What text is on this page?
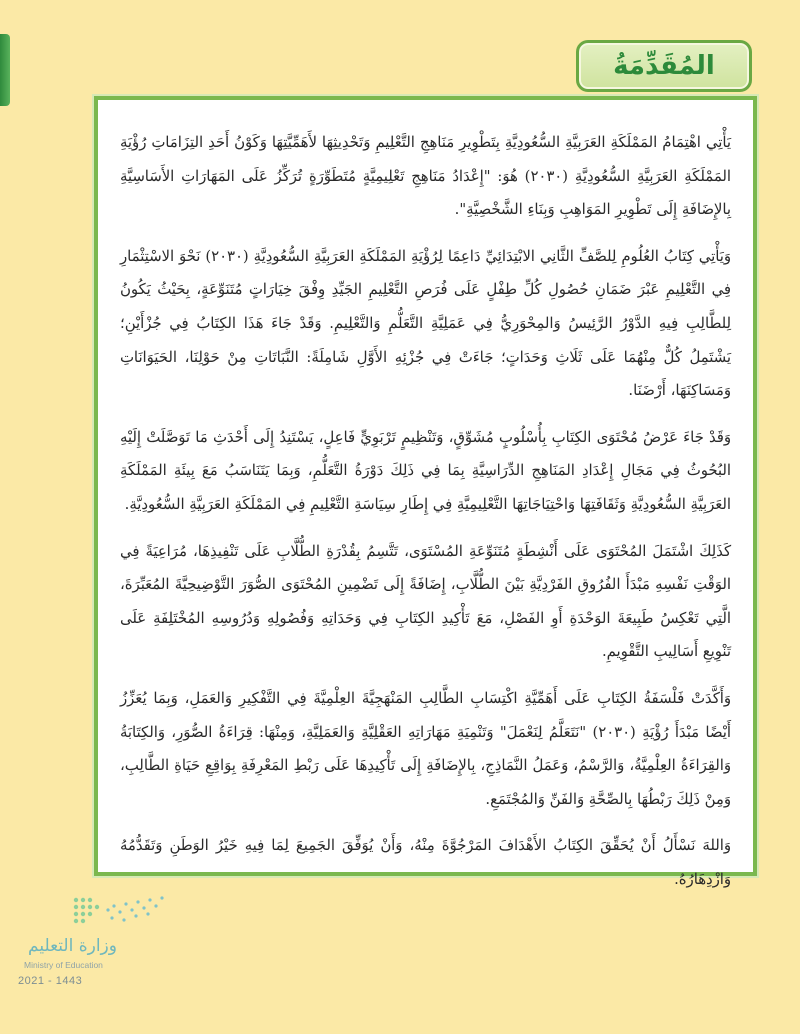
المُقَدِّمَةُ

يَأْتِي اهْتِمَامُ المَمْلَكَةِ العَرَبِيَّةِ السُّعُودِيَّةِ بِتَطْوِيرِ مَنَاهِجِ التَّعْلِيمِ وَتَحْدِيثِهَا لأَهَمِّيَّتِهَا وَكَوْنُ أَحَدِ التِزَامَاتِ رُؤْيَةِ المَمْلَكَةِ العَرَبِيَّةِ السُّعُودِيَّةِ (٢٠٣٠) هُوَ: "إِعْدَادُ مَنَاهِجِ تَعْلِيمِيَّةٍ مُتَطَوِّرَةٍ تُرَكِّزُ عَلَى المَهَارَاتِ الأَسَاسِيَّةِ بِالإِضَافَةِ إِلَى تَطْوِيرِ المَوَاهِبِ وَبِنَاءِ الشَّخْصِيَّةِ".

وَيَأْتِي كِتَابُ العُلُومِ لِلصَّفِّ الثَّانِي الابْتِدَائِيِّ دَاعِمًا لِرُؤْيَةِ المَمْلَكَةِ العَرَبِيَّةِ السُّعُودِيَّةِ (٢٠٣٠) نَحْوَ الاسْتِثْمَارِ فِي التَّعْلِيمِ عَبْرَ ضَمَانِ حُصُولِ كُلِّ طِفْلٍ عَلَى فُرَصِ التَّعْلِيمِ الجَيِّدِ وِفْقَ خِيَارَاتٍ مُتَنَوِّعَةٍ، بِحَيْثُ يَكُونُ لِلطَّالِبِ فِيهِ الدَّوْرُ الرَّئِيسُ وَالمِحْوَرِيُّ فِي عَمَلِيَّةِ التَّعَلُّمِ وَالتَّعْلِيمِ. وَقَدْ جَاءَ هَذَا الكِتَابُ فِي جُزْأَيْنِ؛ يَشْتَمِلُ كُلٌّ مِنْهُمَا عَلَى ثَلَاثِ وَحَدَاتٍ؛ جَاءَتْ فِي جُزْئِهِ الأَوَّلِ شَامِلَةً: النَّبَاتَاتِ مِنْ حَوْلِنَا، الحَيَوَانَاتِ وَمَسَاكِنَهَا، أَرْضَنَا.

وَقَدْ جَاءَ عَرْضُ مُحْتَوَى الكِتَابِ بِأُسْلُوبٍ مُشَوِّقٍ، وَتَنْظِيمٍ تَرْبَوِيٍّ فَاعِلٍ، يَسْتَنِدُ إِلَى أَحْدَثِ مَا تَوَصَّلَتْ إِلَيْهِ البُحُوثُ فِي مَجَالِ إِعْدَادِ المَنَاهِجِ الدِّرَاسِيَّةِ بِمَا فِي ذَلِكَ دَوْرَةُ التَّعَلُّمِ، وَبِمَا يَتَنَاسَبُ مَعَ بِيئَةِ المَمْلَكَةِ العَرَبِيَّةِ السُّعُودِيَّةِ وَثَقَافَتِهَا وَاحْتِيَاجَاتِهَا التَّعْلِيمِيَّةِ فِي إِطَارِ سِيَاسَةِ التَّعْلِيمِ فِي المَمْلَكَةِ العَرَبِيَّةِ السُّعُودِيَّةِ.

كَذَلِكَ اشْتَمَلَ المُحْتَوَى عَلَى أَنْشِطَةٍ مُتَنَوِّعَةِ المُسْتَوَى، تَتَّسِمُ بِقُدْرَةِ الطُّلَّابِ عَلَى تَنْفِيذِهَا، مُرَاعِيَةً فِي الوَقْتِ نَفْسِهِ مَبْدَأَ الفُرُوقِ الفَرْدِيَّةِ بَيْنَ الطُّلَّابِ، إِضَافَةً إِلَى تَضْمِينِ المُحْتَوَى الصُّوَرَ التَّوْضِيحِيَّةَ المُعَبِّرَةَ، الَّتِي تَعْكِسُ طَبِيعَةَ الوَحْدَةِ أَوِ الفَصْلِ، مَعَ تَأْكِيدِ الكِتَابِ فِي وَحَدَاتِهِ وَفُصُولِهِ وَدُرُوسِهِ المُخْتَلِفَةِ عَلَى تَنْوِيعِ أَسَالِيبِ التَّقْوِيمِ.

وَأَكَّدَتْ فَلْسَفَةُ الكِتَابِ عَلَى أَهَمِّيَّةِ اكْتِسَابِ الطَّالِبِ المَنْهَجِيَّةَ العِلْمِيَّةَ فِي التَّفْكِيرِ وَالعَمَلِ، وَبِمَا يُعَزِّزُ أَيْضًا مَبْدَأَ رُؤْيَةِ (٢٠٣٠) "نَتَعَلَّمُ لِنَعْمَلَ" وَتَنْمِيَةِ مَهَارَاتِهِ العَقْلِيَّةِ وَالعَمَلِيَّةِ، وَمِنْهَا: قِرَاءَةُ الصُّوَرِ، وَالكِتَابَةُ وَالقِرَاءَةُ العِلْمِيَّةُ، وَالرَّسْمُ، وَعَمَلُ النَّمَاذِجِ، بِالإِضَافَةِ إِلَى تَأْكِيدِهَا عَلَى رَبْطِ المَعْرِفَةِ بِوَاقِعِ حَيَاةِ الطَّالِبِ، وَمِنْ ذَلِكَ رَبْطُهَا بِالصِّحَّةِ وَالفَنِّ وَالمُجْتَمَعِ.

وَاللهَ نَسْأَلُ أَنْ يُحَقِّقَ الكِتَابُ الأَهْدَافَ المَرْجُوَّةَ مِنْهُ، وَأَنْ يُوَفِّقَ الجَمِيعَ لِمَا فِيهِ خَيْرُ الوَطَنِ وَتَقَدُّمُهُ وَازْدِهَارُهُ.

وزارة التعليم
Ministry of Education
2021 - 1443
